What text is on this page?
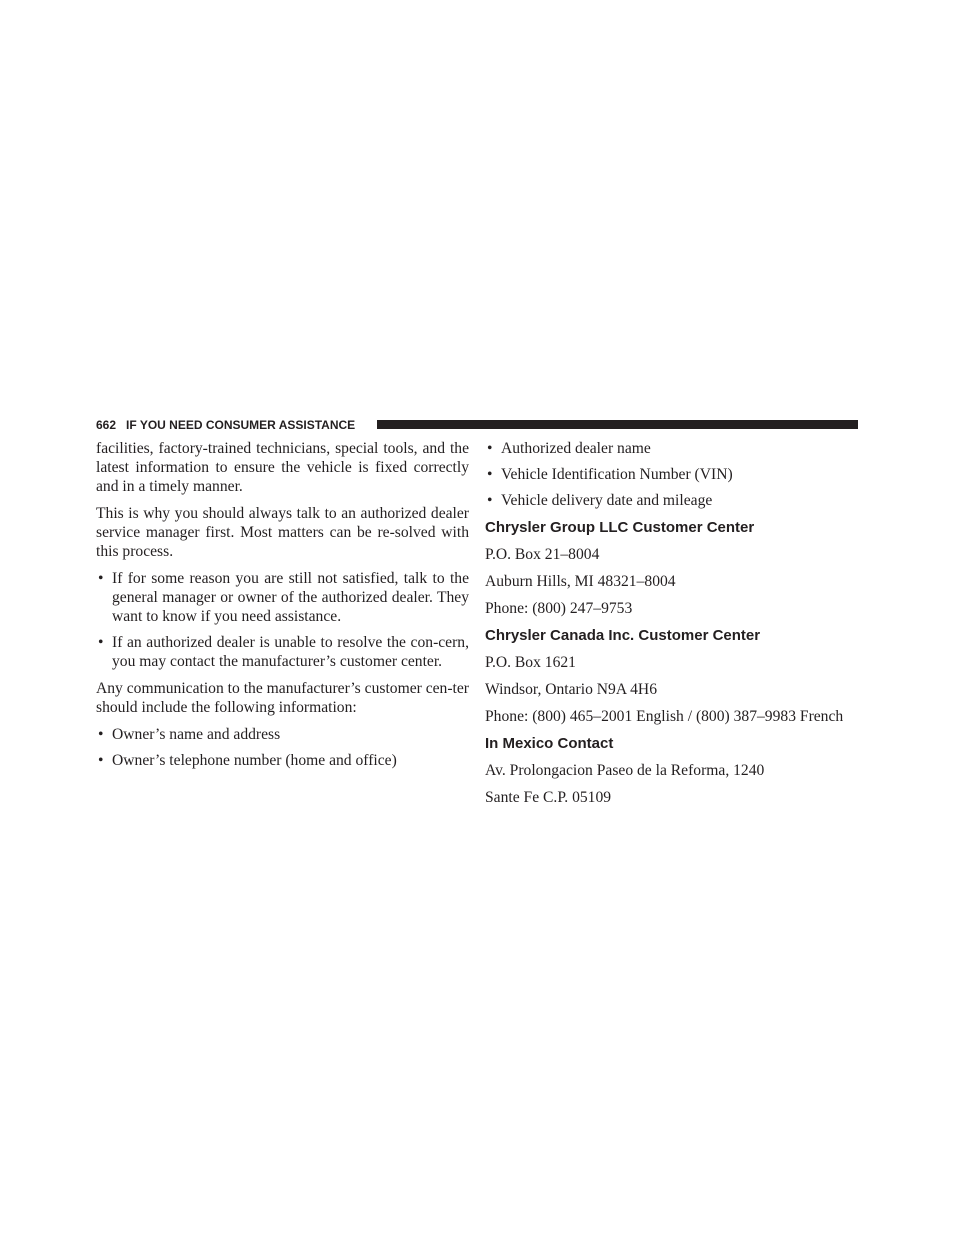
662 IF YOU NEED CONSUMER ASSISTANCE

facilities, factory-trained technicians, special tools, and the latest information to ensure the vehicle is fixed correctly and in a timely manner.

This is why you should always talk to an authorized dealer service manager first. Most matters can be re-solved with this process.

• If for some reason you are still not satisfied, talk to the general manager or owner of the authorized dealer. They want to know if you need assistance.
• If an authorized dealer is unable to resolve the con-cern, you may contact the manufacturer’s customer center.

Any communication to the manufacturer’s customer cen-ter should include the following information:

• Owner’s name and address
• Owner’s telephone number (home and office)
• Authorized dealer name
• Vehicle Identification Number (VIN)
• Vehicle delivery date and mileage
Chrysler Group LLC Customer Center
P.O. Box 21–8004
Auburn Hills, MI 48321–8004
Phone: (800) 247–9753
Chrysler Canada Inc. Customer Center
P.O. Box 1621
Windsor, Ontario N9A 4H6
Phone: (800) 465–2001 English / (800) 387–9983 French
In Mexico Contact
Av. Prolongacion Paseo de la Reforma, 1240
Sante Fe C.P. 05109
